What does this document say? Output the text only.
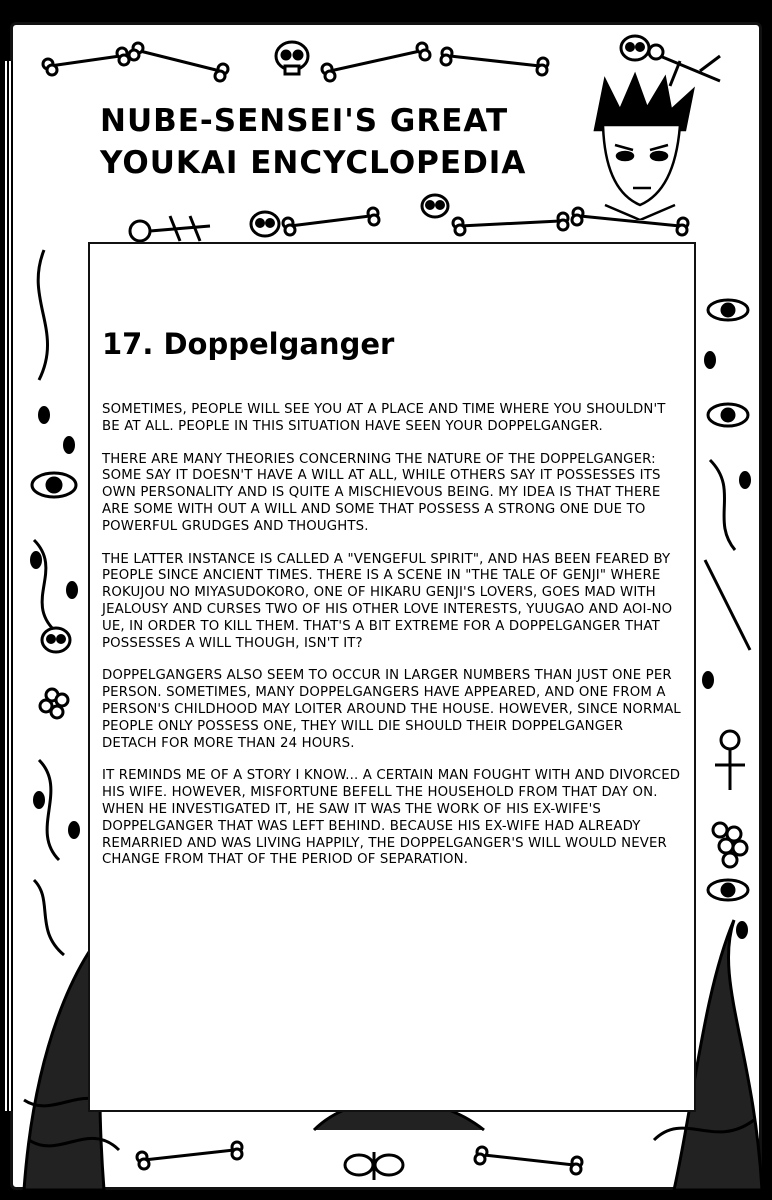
NUBE-SENSEI'S GREAT
YOUKAI ENCYCLOPEDIA
17. Doppelganger

SOMETIMES, PEOPLE WILL SEE YOU AT A PLACE AND TIME WHERE YOU SHOULDN'T BE AT ALL. PEOPLE IN THIS SITUATION HAVE SEEN YOUR DOPPELGANGER.

THERE ARE MANY THEORIES CONCERNING THE NATURE OF THE DOPPELGANGER: SOME SAY IT DOESN'T HAVE A WILL AT ALL, WHILE OTHERS SAY IT POSSESSES ITS OWN PERSONALITY AND IS QUITE A MISCHIEVOUS BEING. MY IDEA IS THAT THERE ARE SOME WITH OUT A WILL AND SOME THAT POSSESS A STRONG ONE DUE TO POWERFUL GRUDGES AND THOUGHTS.

THE LATTER INSTANCE IS CALLED A "VENGEFUL SPIRIT", AND HAS BEEN FEARED BY PEOPLE SINCE ANCIENT TIMES. THERE IS A SCENE IN "THE TALE OF GENJI" WHERE ROKUJOU NO MIYASUDOKORO, ONE OF HIKARU GENJI'S LOVERS, GOES MAD WITH JEALOUSY AND CURSES TWO OF HIS OTHER LOVE INTERESTS, YUUGAO AND AOI-NO UE, IN ORDER TO KILL THEM. THAT'S A BIT EXTREME FOR A DOPPELGANGER THAT POSSESSES A WILL THOUGH, ISN'T IT?

DOPPELGANGERS ALSO SEEM TO OCCUR IN LARGER NUMBERS THAN JUST ONE PER PERSON. SOMETIMES, MANY DOPPELGANGERS HAVE APPEARED, AND ONE FROM A PERSON'S CHILDHOOD MAY LOITER AROUND THE HOUSE. HOWEVER, SINCE NORMAL PEOPLE ONLY POSSESS ONE, THEY WILL DIE SHOULD THEIR DOPPELGANGER DETACH FOR MORE THAN 24 HOURS.

IT REMINDS ME OF A STORY I KNOW... A CERTAIN MAN FOUGHT WITH AND DIVORCED HIS WIFE. HOWEVER, MISFORTUNE BEFELL THE HOUSEHOLD FROM THAT DAY ON. WHEN HE INVESTIGATED IT, HE SAW IT WAS THE WORK OF HIS EX-WIFE'S DOPPELGANGER THAT WAS LEFT BEHIND. BECAUSE HIS EX-WIFE HAD ALREADY REMARRIED AND WAS LIVING HAPPILY, THE DOPPELGANGER'S WILL WOULD NEVER CHANGE FROM THAT OF THE PERIOD OF SEPARATION.
